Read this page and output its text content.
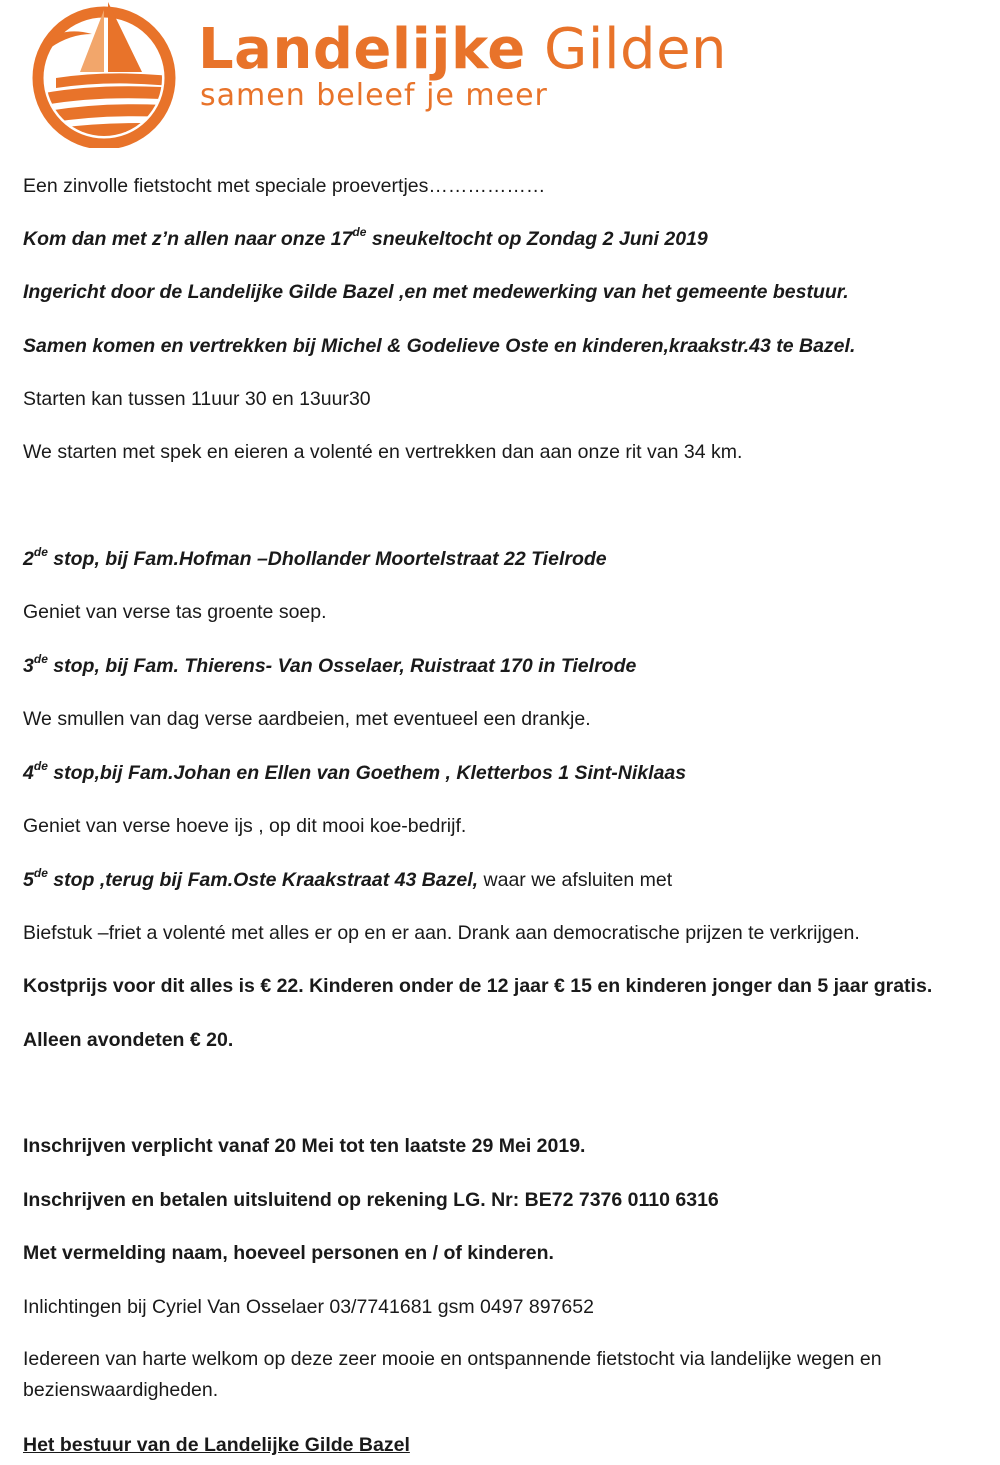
Landelijke Gilden
samen beleef je meer

Een zinvolle fietstocht met speciale proevertjes………………

Kom dan met z’n allen naar onze 17de sneukeltocht op Zondag 2 Juni 2019

Ingericht door de Landelijke Gilde Bazel ,en met medewerking van het gemeente bestuur.

Samen komen en vertrekken bij Michel & Godelieve Oste en kinderen,kraakstr.43 te Bazel.

Starten kan tussen 11uur 30 en 13uur30

We starten met spek en eieren a volenté en vertrekken dan aan onze rit van 34 km.

2de stop, bij Fam.Hofman –Dhollander Moortelstraat 22 Tielrode

Geniet van verse tas groente soep.

3de stop, bij Fam. Thierens- Van Osselaer, Ruistraat 170 in Tielrode

We smullen van dag verse aardbeien, met eventueel een drankje.

4de stop,bij Fam.Johan en Ellen van Goethem , Kletterbos 1 Sint-Niklaas

Geniet van verse hoeve ijs , op dit mooi koe-bedrijf.

5de stop ,terug bij Fam.Oste Kraakstraat 43 Bazel, waar we afsluiten met

Biefstuk –friet a volenté met alles er op en er aan. Drank aan democratische prijzen te verkrijgen.

Kostprijs voor dit alles is € 22. Kinderen onder de 12 jaar € 15 en kinderen jonger dan 5 jaar gratis.

Alleen avondeten € 20.

Inschrijven verplicht vanaf 20 Mei tot ten laatste 29 Mei 2019.

Inschrijven en betalen uitsluitend op rekening LG. Nr: BE72 7376 0110 6316

Met vermelding naam, hoeveel personen en / of kinderen.

Inlichtingen bij Cyriel Van Osselaer 03/7741681 gsm 0497 897652

Iedereen van harte welkom op deze zeer mooie en ontspannende fietstocht via landelijke wegen en bezienswaardigheden.

Het bestuur van de Landelijke Gilde Bazel
